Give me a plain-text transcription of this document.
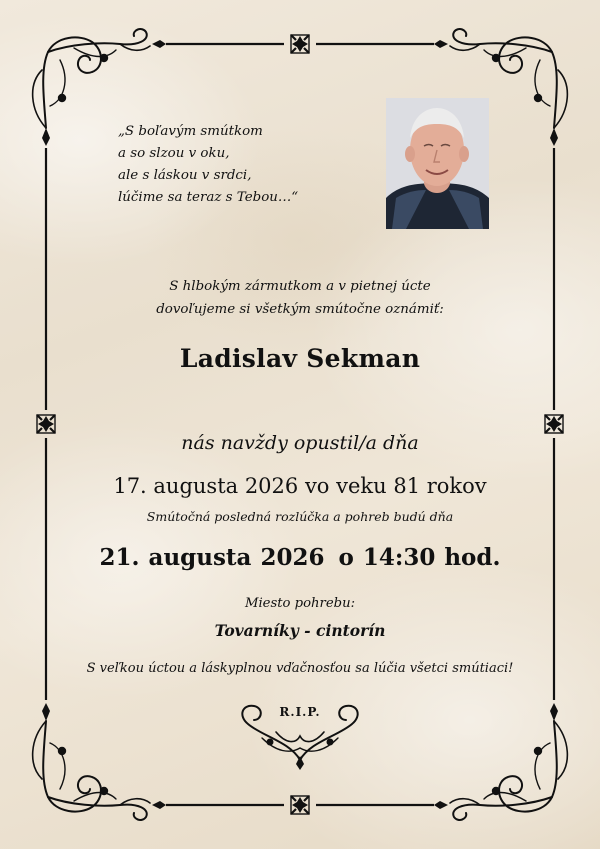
„S boľavým smútkom
a so slzou v oku,
ale s láskou v srdci,
lúčime sa teraz s Tebou…“
S hlbokým zármutkom a v pietnej úcte
dovoľujeme si všetkým smútočne oznámiť:
Ladislav Sekman
nás navždy opustil/a dňa
17. augusta 2026 vo veku 81 rokov
Smútočná posledná rozlúčka a pohreb budú dňa
21. augusta 2026 o 14:30 hod.
Miesto pohrebu:
Tovarníky - cintorín
S veľkou úctou a láskyplnou vďačnosťou sa lúčia všetci smútiaci!
R.I.P.
